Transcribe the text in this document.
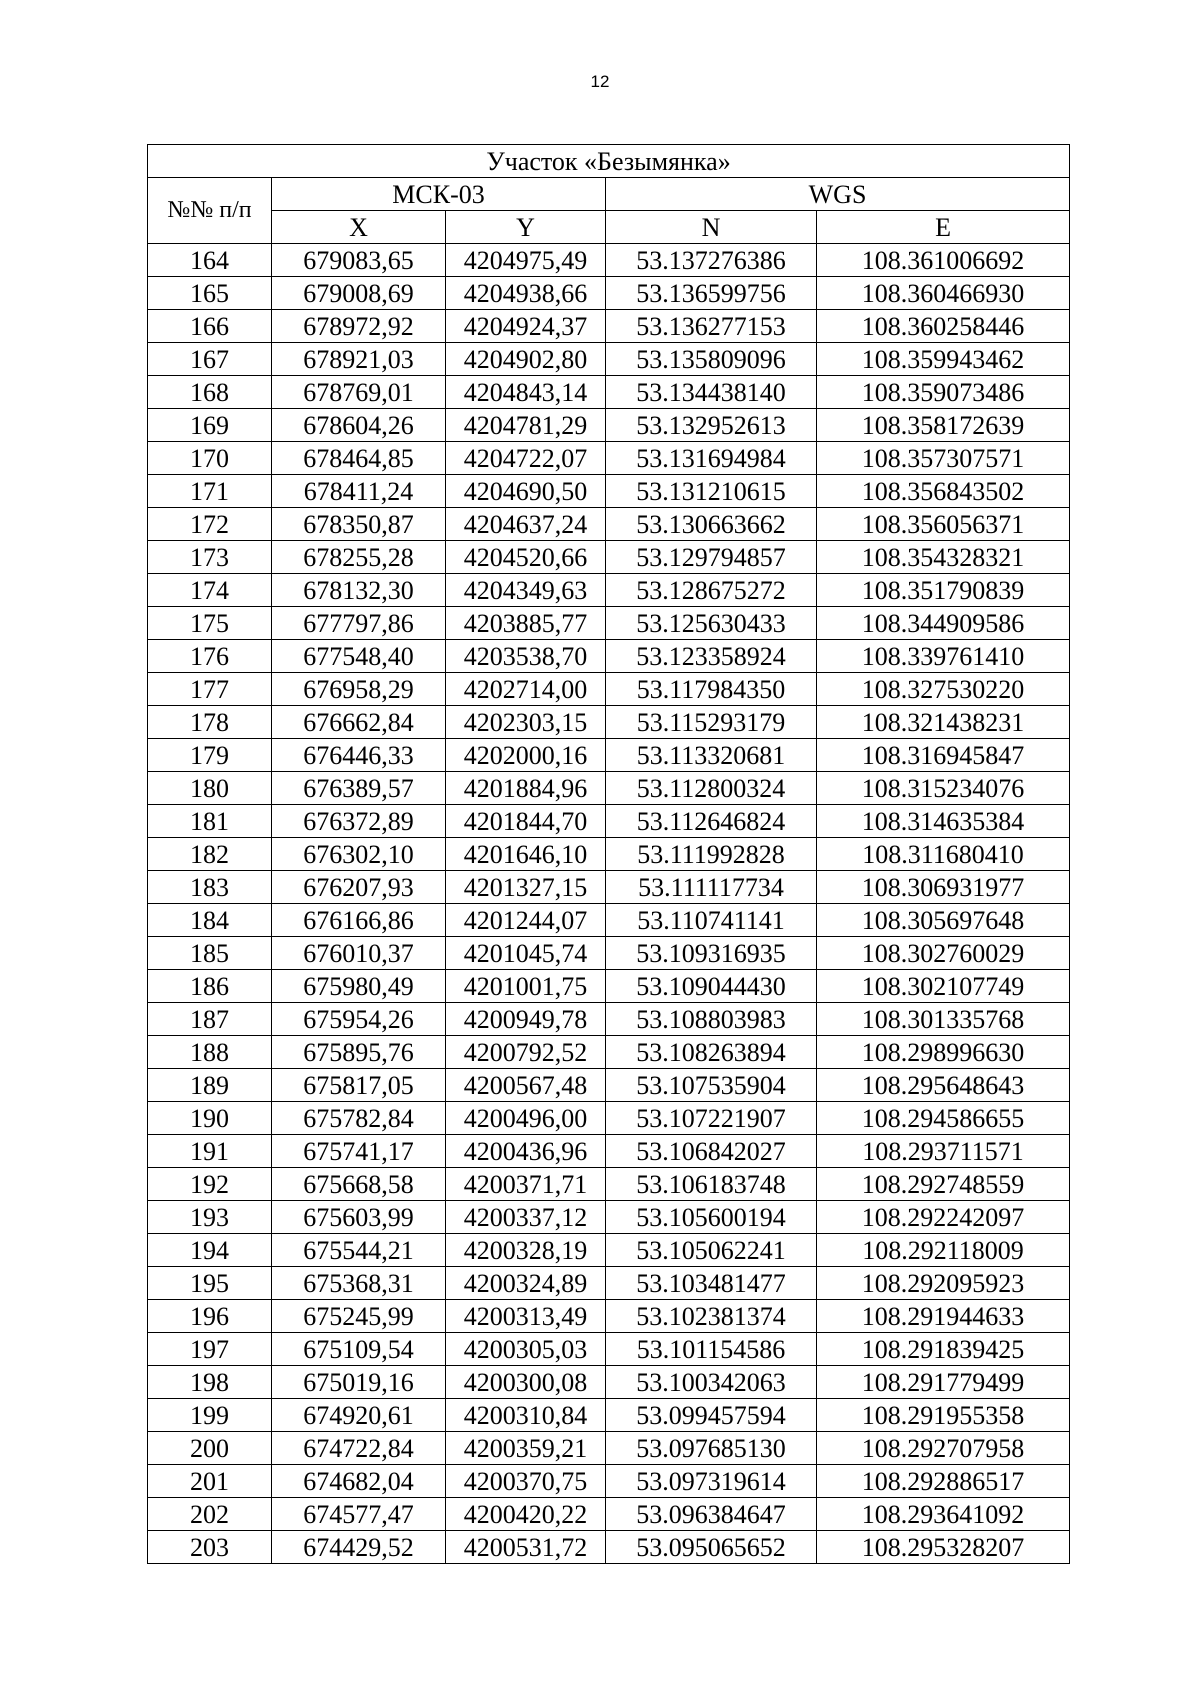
12
Участок «Безымянка»				
№№ п/п	МСК-03		WGS	
	X	Y	N	E
164	679083,65	4204975,49	53.137276386	108.361006692
165	679008,69	4204938,66	53.136599756	108.360466930
166	678972,92	4204924,37	53.136277153	108.360258446
167	678921,03	4204902,80	53.135809096	108.359943462
168	678769,01	4204843,14	53.134438140	108.359073486
169	678604,26	4204781,29	53.132952613	108.358172639
170	678464,85	4204722,07	53.131694984	108.357307571
171	678411,24	4204690,50	53.131210615	108.356843502
172	678350,87	4204637,24	53.130663662	108.356056371
173	678255,28	4204520,66	53.129794857	108.354328321
174	678132,30	4204349,63	53.128675272	108.351790839
175	677797,86	4203885,77	53.125630433	108.344909586
176	677548,40	4203538,70	53.123358924	108.339761410
177	676958,29	4202714,00	53.117984350	108.327530220
178	676662,84	4202303,15	53.115293179	108.321438231
179	676446,33	4202000,16	53.113320681	108.316945847
180	676389,57	4201884,96	53.112800324	108.315234076
181	676372,89	4201844,70	53.112646824	108.314635384
182	676302,10	4201646,10	53.111992828	108.311680410
183	676207,93	4201327,15	53.111117734	108.306931977
184	676166,86	4201244,07	53.110741141	108.305697648
185	676010,37	4201045,74	53.109316935	108.302760029
186	675980,49	4201001,75	53.109044430	108.302107749
187	675954,26	4200949,78	53.108803983	108.301335768
188	675895,76	4200792,52	53.108263894	108.298996630
189	675817,05	4200567,48	53.107535904	108.295648643
190	675782,84	4200496,00	53.107221907	108.294586655
191	675741,17	4200436,96	53.106842027	108.293711571
192	675668,58	4200371,71	53.106183748	108.292748559
193	675603,99	4200337,12	53.105600194	108.292242097
194	675544,21	4200328,19	53.105062241	108.292118009
195	675368,31	4200324,89	53.103481477	108.292095923
196	675245,99	4200313,49	53.102381374	108.291944633
197	675109,54	4200305,03	53.101154586	108.291839425
198	675019,16	4200300,08	53.100342063	108.291779499
199	674920,61	4200310,84	53.099457594	108.291955358
200	674722,84	4200359,21	53.097685130	108.292707958
201	674682,04	4200370,75	53.097319614	108.292886517
202	674577,47	4200420,22	53.096384647	108.293641092
203	674429,52	4200531,72	53.095065652	108.295328207
